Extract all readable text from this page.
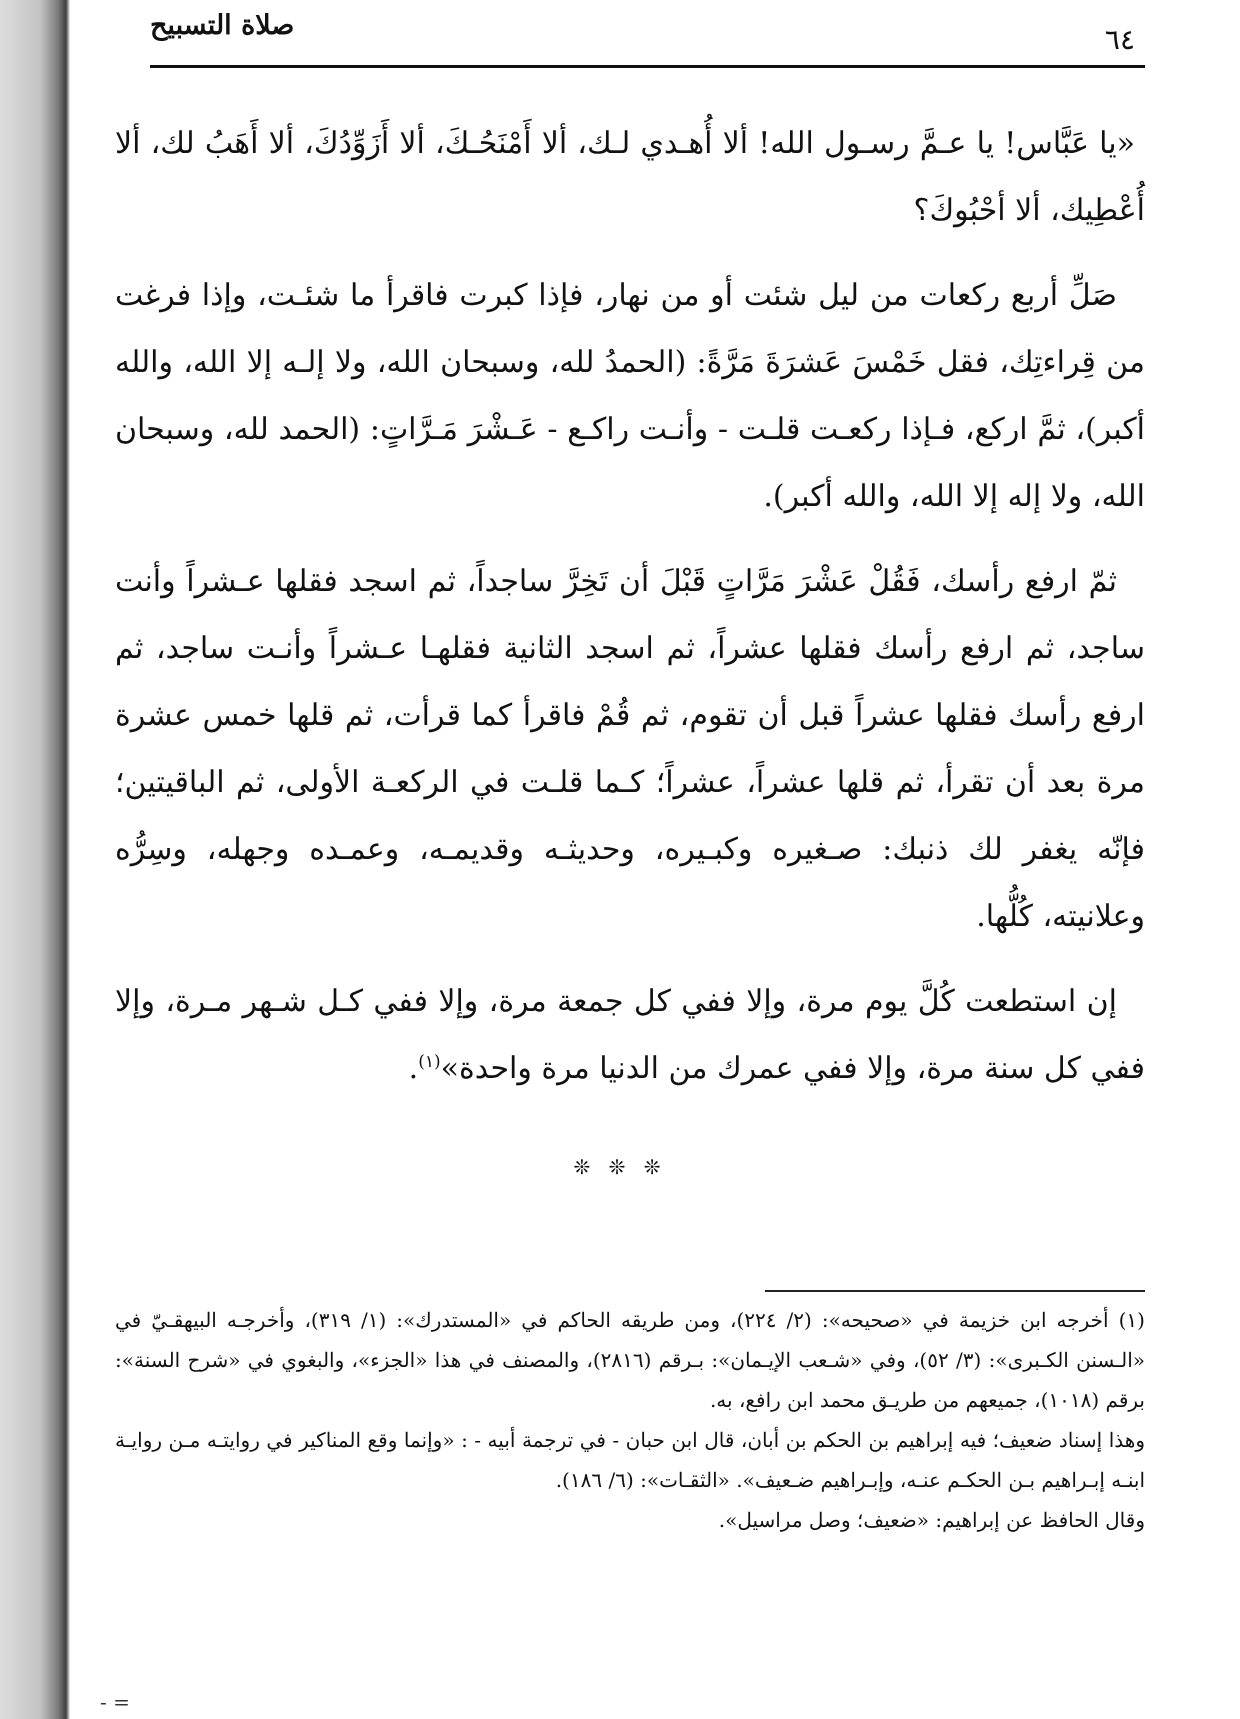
صلاة التسبيح	٦٤

«يا عَبَّاس! يا عـمَّ رسـول الله! ألا أُهـدي لـك، ألا أَمْنَحُـكَ، ألا أَزَوِّدُكَ، ألا أَهَبُ لك، ألا أُعْطِيك، ألا أحْبُوكَ؟

صَلِّ أربع ركعات من ليل شئت أو من نهار، فإذا كبرت فاقرأ ما شئـت، وإذا فرغت من قِراءتِك، فقل خَمْسَ عَشرَةَ مَرَّةً: (الحمدُ لله، وسبحان الله، ولا إلـه إلا الله، والله أكبر)، ثمَّ اركع، فـإذا ركعـت قلـت - وأنـت راكـع - عَـشْرَ مَـرَّاتٍ: (الحمد لله، وسبحان الله، ولا إله إلا الله، والله أكبر).

ثمّ ارفع رأسك، فَقُلْ عَشْرَ مَرَّاتٍ قَبْلَ أن تَخِرَّ ساجداً، ثم اسجد فقلها عـشراً وأنت ساجد، ثم ارفع رأسك فقلها عشراً، ثم اسجد الثانية فقلهـا عـشراً وأنـت ساجد، ثم ارفع رأسك فقلها عشراً قبل أن تقوم، ثم قُمْ فاقرأ كما قرأت، ثم قلها خمس عشرة مرة بعد أن تقرأ، ثم قلها عشراً، عشراً؛ كـما قلـت في الركعـة الأولى، ثم الباقيتين؛ فإنّه يغفر لك ذنبك: صـغيره وكبـيره، وحديثـه وقديمـه، وعمـده وجهله، وسِرُّه وعلانيته، كُلُّها.

إن استطعت كُلَّ يوم مرة، وإلا ففي كل جمعة مرة، وإلا ففي كـل شـهر مـرة، وإلا ففي كل سنة مرة، وإلا ففي عمرك من الدنيا مرة واحدة»$^{(١)}$.

❊ ❊ ❊

(١) أخرجه ابن خزيمة في «صحيحه»: (٢/ ٢٢٤)، ومن طريقه الحاكم في «المستدرك»: (١/ ٣١٩)، وأخرجـه البيهقـيّ في «الـسنن الكـبرى»: (٣/ ٥٢)، وفي «شـعب الإيـمان»: بـرقم (٢٨١٦)، والمصنف في هذا «الجزء»، والبغوي في «شرح السنة»: برقم (١٠١٨)، جميعهم من طريـق محمد ابن رافع، به.

وهذا إسناد ضعيف؛ فيه إبراهيم بن الحكم بن أبان، قال ابن حبان - في ترجمة أبيه - : «وإنما وقع المناكير في روايتـه مـن روايـة ابنـه إبـراهيم بـن الحكـم عنـه، وإبـراهيم ضـعيف». «الثقـات»: (٦/ ١٨٦).

وقال الحافظ عن إبراهيم: «ضعيف؛ وصل مراسيل».

- =
